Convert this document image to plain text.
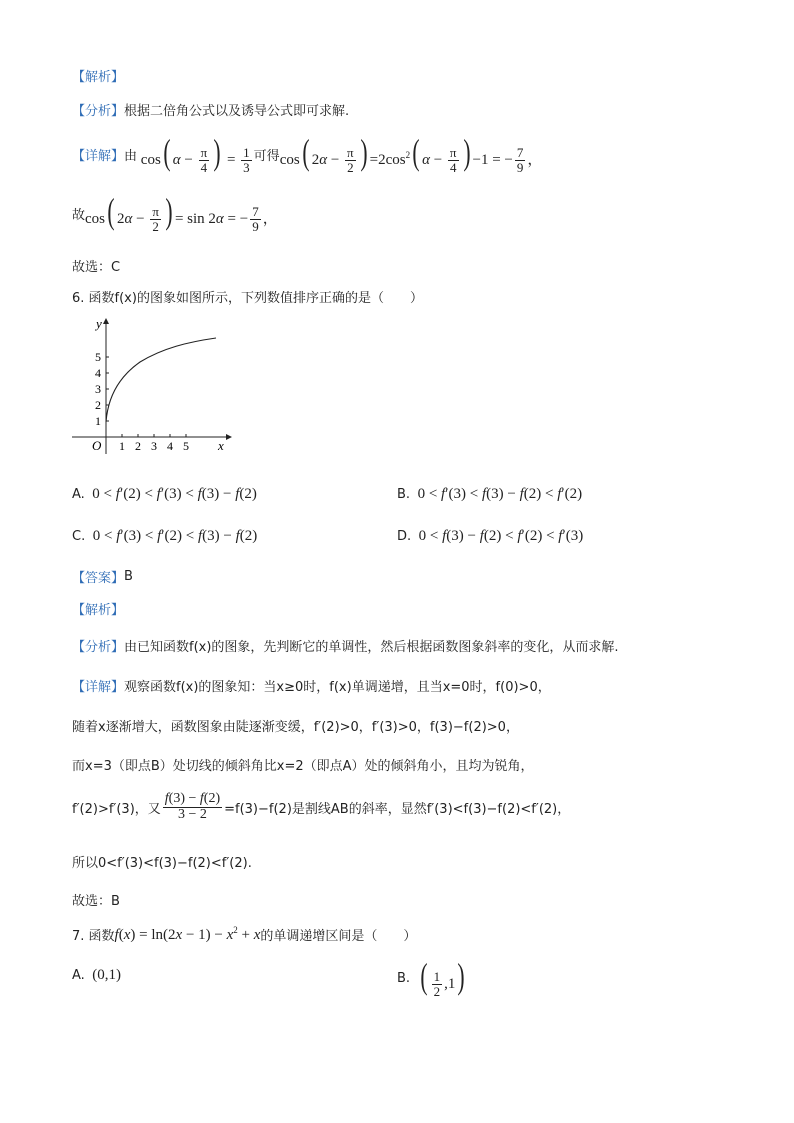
【解析】
【分析】 根据二倍角公式以及诱导公式即可求解.
【详解】 由 cos( $\alpha - \frac{\pi}{4}$ ) = $\frac{1}{3}$ 可得 cos( $2\alpha - \frac{\pi}{2}$ ) $=2\cos^2$( $\alpha - \frac{\pi}{4}$ ) −1 = − $\frac{7}{9}$ ，
故 cos( $2\alpha - \frac{\pi}{2}$ ) = sin 2α = − $\frac{7}{9}$ ，
故选：C
6. 函数f(x)的图象如图所示，下列数值排序正确的是（　　）
y
x
O 1 2 3 4 5
1
2
3
4
5
A. 0 < f′(2) < f′(3) < f(3) − f(2)	B. 0 < f′(3) < f(3) − f(2) < f′(2)
C. 0 < f′(3) < f′(2) < f(3) − f(2)	D. 0 < f(3) − f(2) < f′(2) < f′(3)
【答案】 B
【解析】
【分析】 由已知函数f(x)的图象，先判断它的单调性，然后根据函数图象斜率的变化，从而求解.
【详解】 观察函数f(x)的图象知：当x≥0时，f(x)单调递增，且当x=0时，f(0)>0，
随着x逐渐增大，函数图象由陡逐渐变缓，f′(2)>0，f′(3)>0，f(3)−f(2)>0，
而x=3（即点B）处切线的倾斜角比x=2（即点A）处的倾斜角小，且均为锐角，
f′(2)>f′(3)，又 $\frac{f(3) - f(2)}{3 - 2} =f(3)-f(2)$是割线AB的斜率，显然f′(3)<f(3)−f(2)<f′(2)，
所以0<f′(3)<f(3)−f(2)<f′(2).
故选：B
7. 函数 $f(x) = \ln(2x - 1) - x^2 + x$ 的单调递增区间是（　　）
A. (0,1)	B. ( $\frac{1}{2} ,1$)
